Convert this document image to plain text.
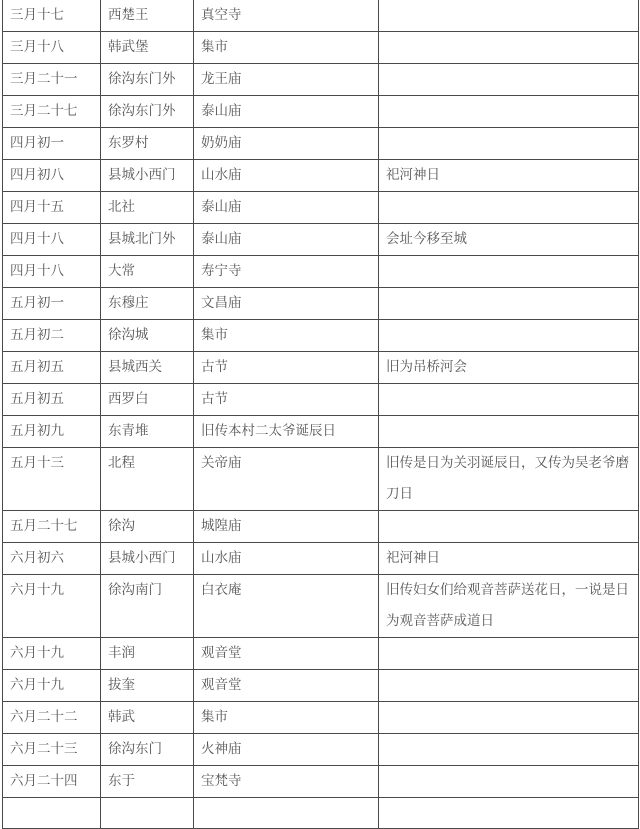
三月十七	西楚王	真空寺	
三月十八	韩武堡	集市	
三月二十一	徐沟东门外	龙王庙	
三月二十七	徐沟东门外	泰山庙	
四月初一	东罗村	奶奶庙	
四月初八	县城小西门	山水庙	祀河神日
四月十五	北社	泰山庙	
四月十八	县城北门外	泰山庙	会址今移至城
四月十八	大常	寿宁寺	
五月初一	东穆庄	文昌庙	
五月初二	徐沟城	集市	
五月初五	县城西关	古节	旧为吊桥河会
五月初五	西罗白	古节	
五月初九	东青堆	旧传本村二太爷诞辰日	
五月十三	北程	关帝庙	旧传是日为关羽诞辰日，又传为吴老爷磨刀日
五月二十七	徐沟	城隍庙	
六月初六	县城小西门	山水庙	祀河神日
六月十九	徐沟南门	白衣庵	旧传妇女们给观音菩萨送花日，一说是日为观音菩萨成道日
六月十九	丰润	观音堂	
六月十九	拔奎	观音堂	
六月二十二	韩武	集市	
六月二十三	徐沟东门	火神庙	
六月二十四	东于	宝梵寺	
